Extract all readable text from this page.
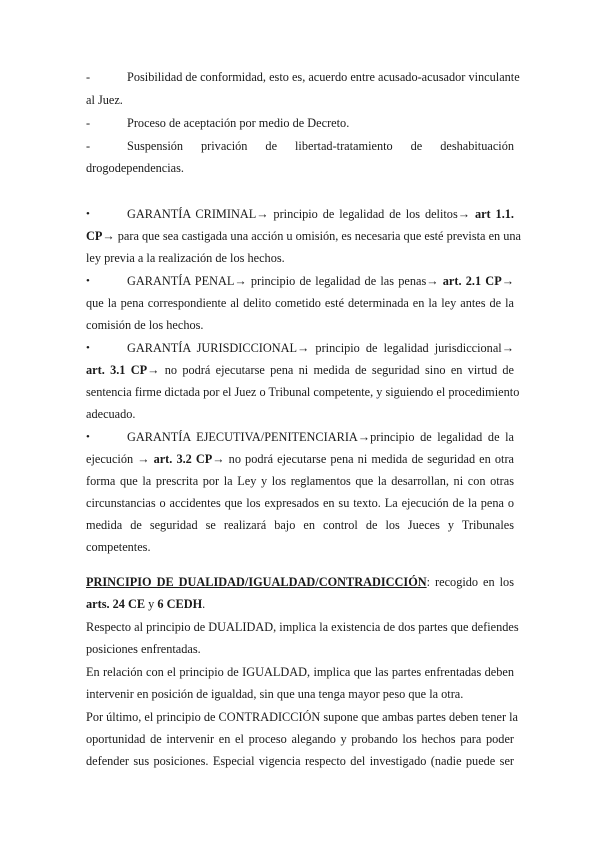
-	Posibilidad de conformidad, esto es, acuerdo entre acusado-acusador vinculante
al Juez.
-	Proceso de aceptación por medio de Decreto.
-	Suspensión privación de libertad-tratamiento de deshabituación
drogodependencias.
•	GARANTÍA CRIMINAL→ principio de legalidad de los delitos→ art 1.1.
CP→ para que sea castigada una acción u omisión, es necesaria que esté prevista en una
ley previa a la realización de los hechos.
•	GARANTÍA PENAL→ principio de legalidad de las penas→ art. 2.1 CP→
que la pena correspondiente al delito cometido esté determinada en la ley antes de la
comisión de los hechos.
•	GARANTÍA JURISDICCIONAL→ principio de legalidad jurisdiccional→
art. 3.1 CP→ no podrá ejecutarse pena ni medida de seguridad sino en virtud de
sentencia firme dictada por el Juez o Tribunal competente, y siguiendo el procedimiento
adecuado.
•	GARANTÍA EJECUTIVA/PENITENCIARIA→principio de legalidad de la
ejecución → art. 3.2 CP→ no podrá ejecutarse pena ni medida de seguridad en otra
forma que la prescrita por la Ley y los reglamentos que la desarrollan, ni con otras
circunstancias o accidentes que los expresados en su texto. La ejecución de la pena o
medida de seguridad se realizará bajo en control de los Jueces y Tribunales
competentes.
PRINCIPIO DE DUALIDAD/IGUALDAD/CONTRADICCIÓN: recogido en los
arts. 24 CE y 6 CEDH.
Respecto al principio de DUALIDAD, implica la existencia de dos partes que defiendes
posiciones enfrentadas.
En relación con el principio de IGUALDAD, implica que las partes enfrentadas deben
intervenir en posición de igualdad, sin que una tenga mayor peso que la otra.
Por último, el principio de CONTRADICCIÓN supone que ambas partes deben tener la
oportunidad de intervenir en el proceso alegando y probando los hechos para poder
defender sus posiciones. Especial vigencia respecto del investigado (nadie puede ser
